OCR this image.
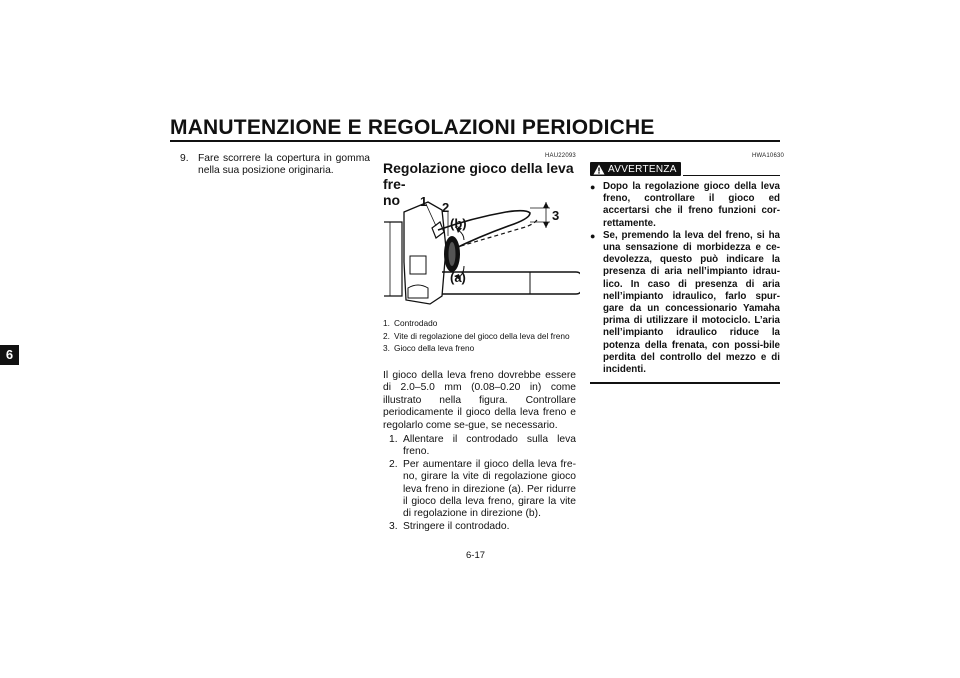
MANUTENZIONE E REGOLAZIONI PERIODICHE
6
9. Fare scorrere la copertura in gomma nella sua posizione originaria.
HAU22093
Regolazione gioco della leva fre-
no	1 2
(b)
3
(a)
1. Controdado
2. Vite di regolazione del gioco della leva del freno
3. Gioco della leva freno

Il gioco della leva freno dovrebbe essere di 2.0–5.0 mm (0.08–0.20 in) come illustrato nella figura. Controllare periodicamente il gioco della leva freno e regolarlo come se-gue, se necessario.

1. Allentare il controdado sulla leva freno.
2. Per aumentare il gioco della leva fre-no, girare la vite di regolazione gioco leva freno in direzione (a). Per ridurre il gioco della leva freno, girare la vite di regolazione in direzione (b).
3. Stringere il controdado.
HWA10630
AVVERTENZA
● Dopo la regolazione gioco della leva freno, controllare il gioco ed accertarsi che il freno funzioni cor-rettamente.
● Se, premendo la leva del freno, si ha una sensazione di morbidezza e ce-devolezza, questo può indicare la presenza di aria nell’impianto idrau-lico. In caso di presenza di aria nell’impianto idraulico, farlo spur-gare da un concessionario Yamaha prima di utilizzare il motociclo. L’aria nell’impianto idraulico riduce la potenza della frenata, con possi-bile perdita del controllo del mezzo e di incidenti.
6-17
